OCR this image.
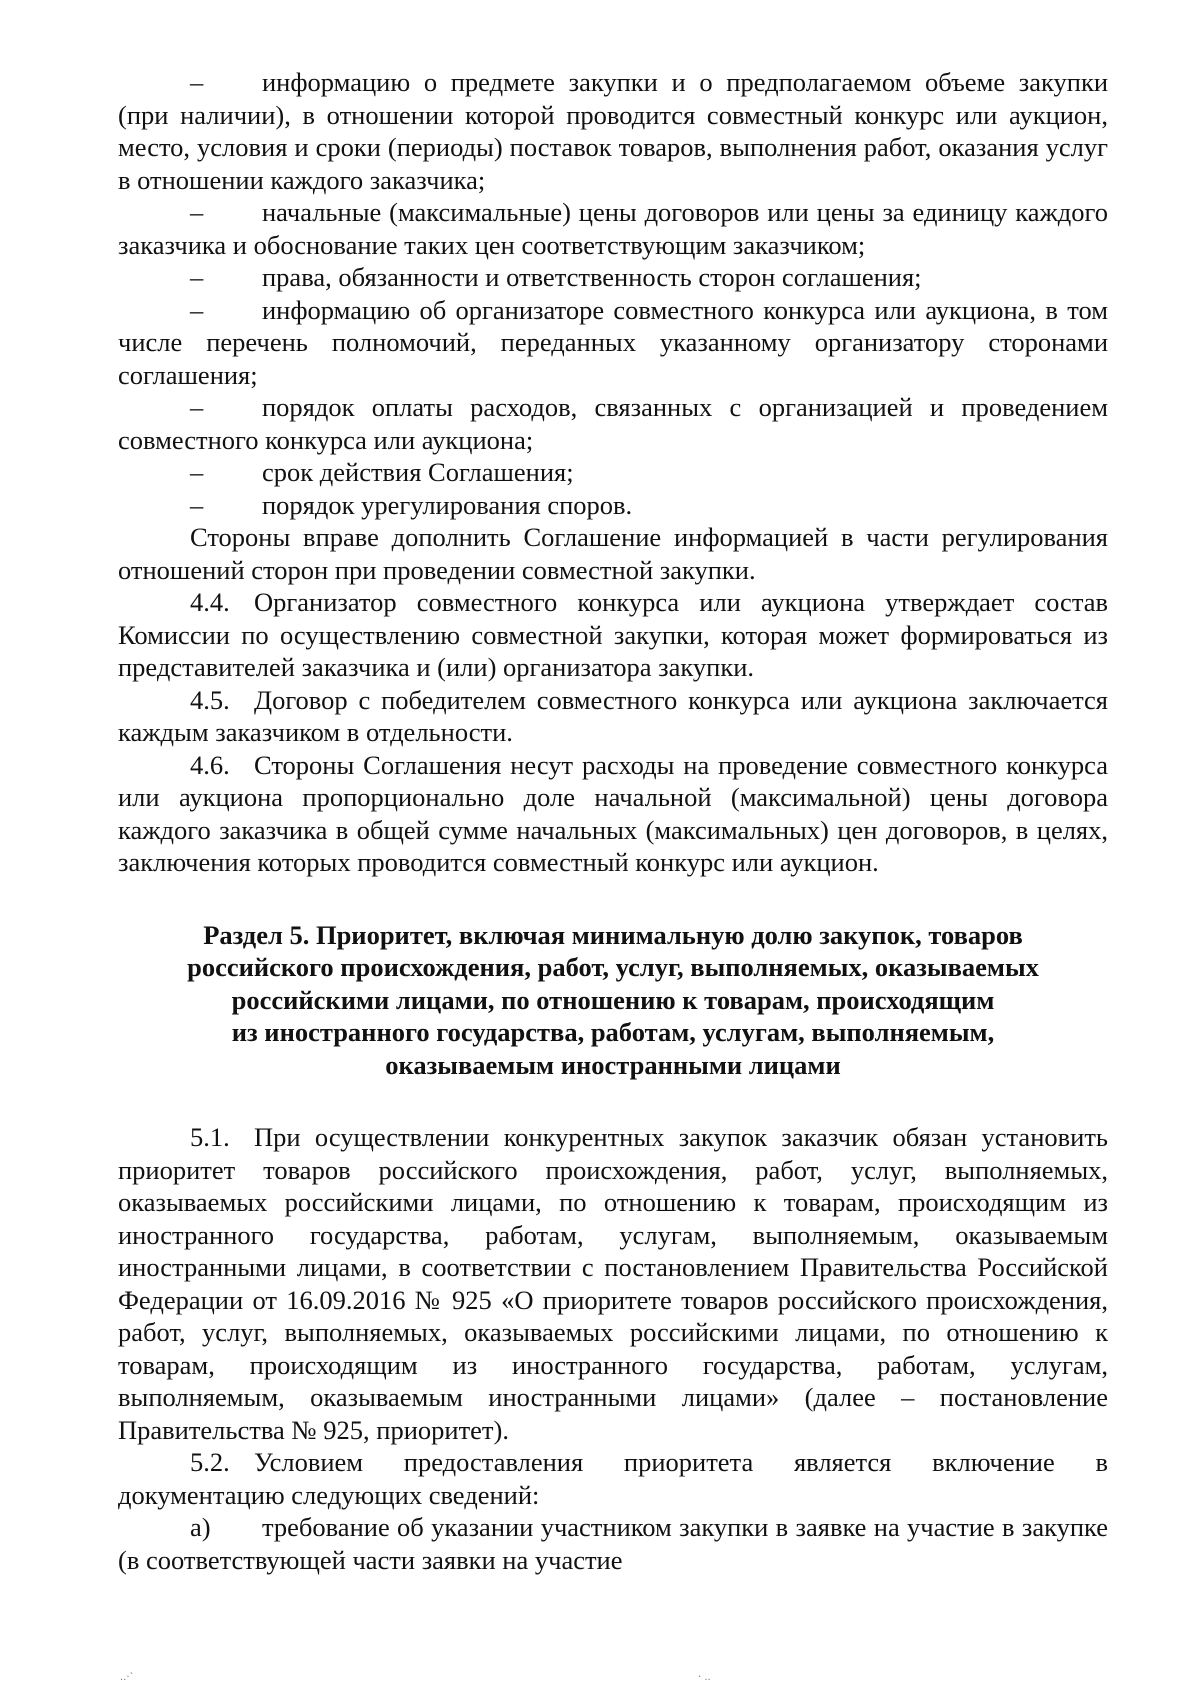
– информацию о предмете закупки и о предполагаемом объеме закупки (при наличии), в отношении которой проводится совместный конкурс или аукцион, место, условия и сроки (периоды) поставок товаров, выполнения работ, оказания услуг в отношении каждого заказчика;

– начальные (максимальные) цены договоров или цены за единицу каждого заказчика и обоснование таких цен соответствующим заказчиком;

– права, обязанности и ответственность сторон соглашения;

– информацию об организаторе совместного конкурса или аукциона, в том числе перечень полномочий, переданных указанному организатору сторонами соглашения;

– порядок оплаты расходов, связанных с организацией и проведением совместного конкурса или аукциона;

– срок действия Соглашения;

– порядок урегулирования споров.

Стороны вправе дополнить Соглашение информацией в части регулирования отношений сторон при проведении совместной закупки.

4.4. Организатор совместного конкурса или аукциона утверждает состав Комиссии по осуществлению совместной закупки, которая может формироваться из представителей заказчика и (или) организатора закупки.

4.5. Договор с победителем совместного конкурса или аукциона заключается каждым заказчиком в отдельности.

4.6. Стороны Соглашения несут расходы на проведение совместного конкурса или аукциона пропорционально доле начальной (максимальной) цены договора каждого заказчика в общей сумме начальных (максимальных) цен договоров, в целях, заключения которых проводится совместный конкурс или аукцион.

Раздел 5. Приоритет, включая минимальную долю закупок, товаров
российского происхождения, работ, услуг, выполняемых, оказываемых
российскими лицами, по отношению к товарам, происходящим
из иностранного государства, работам, услугам, выполняемым,
оказываемым иностранными лицами

5.1. При осуществлении конкурентных закупок заказчик обязан установить приоритет товаров российского происхождения, работ, услуг, выполняемых, оказываемых российскими лицами, по отношению к товарам, происходящим из иностранного государства, работам, услугам, выполняемым, оказываемым иностранными лицами, в соответствии с постановлением Правительства Российской Федерации от 16.09.2016 № 925 «О приоритете товаров российского происхождения, работ, услуг, выполняемых, оказываемых российскими лицами, по отношению к товарам, происходящим из иностранного государства, работам, услугам, выполняемым, оказываемым иностранными лицами» (далее – постановление Правительства № 925, приоритет).

5.2. Условием предоставления приоритета является включение в документацию следующих сведений:

а) требование об указании участником закупки в заявке на участие в закупке (в соответствующей части заявки на участие

..·`	· ..
